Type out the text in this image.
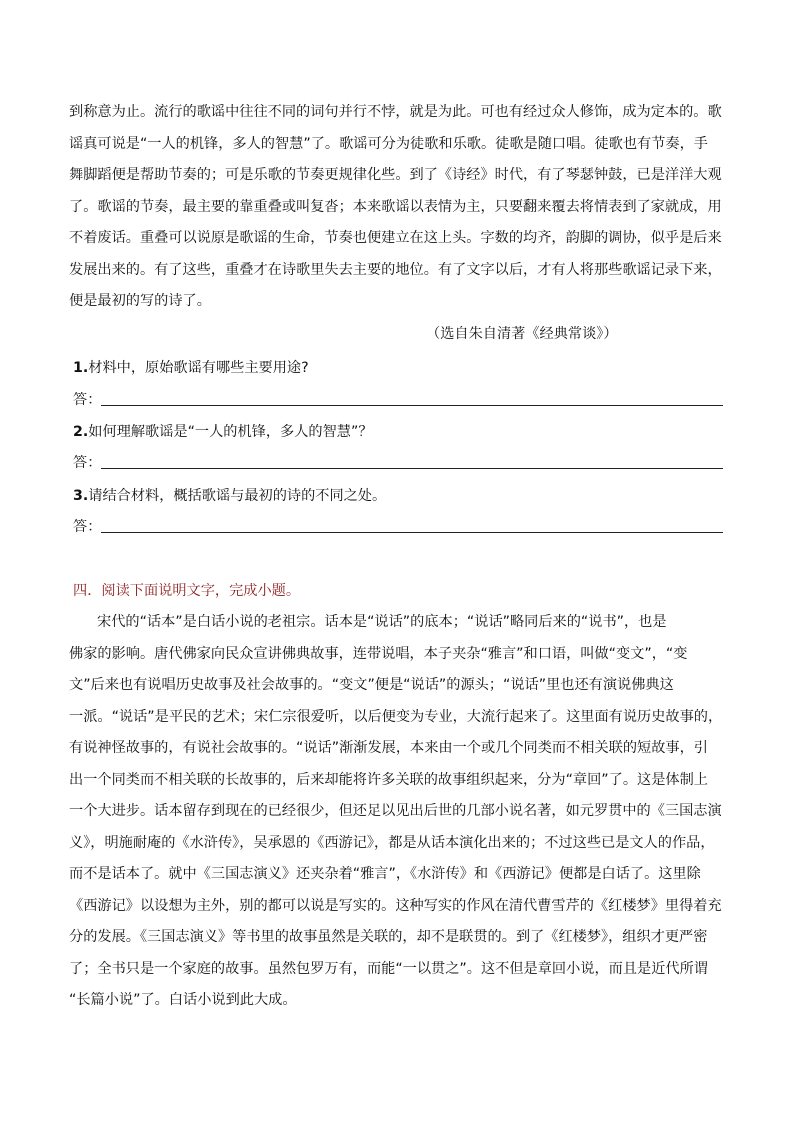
到称意为止。流行的歌谣中往往不同的词句并行不悖，就是为此。可也有经过众人修饰，成为定本的。歌
谣真可说是“一人的机锋，多人的智慧”了。歌谣可分为徒歌和乐歌。徒歌是随口唱。徒歌也有节奏，手
舞脚蹈便是帮助节奏的；可是乐歌的节奏更规律化些。到了《诗经》时代，有了琴瑟钟鼓，已是洋洋大观
了。歌谣的节奏，最主要的靠重叠或叫复沓；本来歌谣以表情为主，只要翻来覆去将情表到了家就成，用
不着废话。重叠可以说原是歌谣的生命，节奏也便建立在这上头。字数的均齐，韵脚的调协，似乎是后来
发展出来的。有了这些，重叠才在诗歌里失去主要的地位。有了文字以后，才有人将那些歌谣记录下来，
便是最初的写的诗了。
（选自朱自清著《经典常谈》）
1.材料中，原始歌谣有哪些主要用途?
答：
2.如何理解歌谣是“一人的机锋，多人的智慧”？
答：
3.请结合材料，概括歌谣与最初的诗的不同之处。
答：
四．阅读下面说明文字，完成小题。
宋代的“话本”是白话小说的老祖宗。话本是“说话”的底本；“说话”略同后来的“说书”，也是
佛家的影响。唐代佛家向民众宣讲佛典故事，连带说唱，本子夹杂“雅言”和口语，叫做“变文”，“变
文”后来也有说唱历史故事及社会故事的。“变文”便是“说话”的源头；“说话”里也还有演说佛典这
一派。“说话”是平民的艺术；宋仁宗很爱听，以后便变为专业，大流行起来了。这里面有说历史故事的，
有说神怪故事的，有说社会故事的。“说话”渐渐发展，本来由一个或几个同类而不相关联的短故事，引
出一个同类而不相关联的长故事的，后来却能将许多关联的故事组织起来，分为“章回”了。这是体制上
一个大进步。话本留存到现在的已经很少，但还足以见出后世的几部小说名著，如元罗贯中的《三国志演
义》，明施耐庵的《水浒传》，吴承恩的《西游记》，都是从话本演化出来的；不过这些已是文人的作品，
而不是话本了。就中《三国志演义》还夹杂着“雅言”，《水浒传》和《西游记》便都是白话了。这里除
《西游记》以设想为主外，别的都可以说是写实的。这种写实的作风在清代曹雪芹的《红楼梦》里得着充
分的发展。《三国志演义》等书里的故事虽然是关联的，却不是联贯的。到了《红楼梦》，组织才更严密
了；全书只是一个家庭的故事。虽然包罗万有，而能“一以贯之”。这不但是章回小说，而且是近代所谓
“长篇小说”了。白话小说到此大成。
